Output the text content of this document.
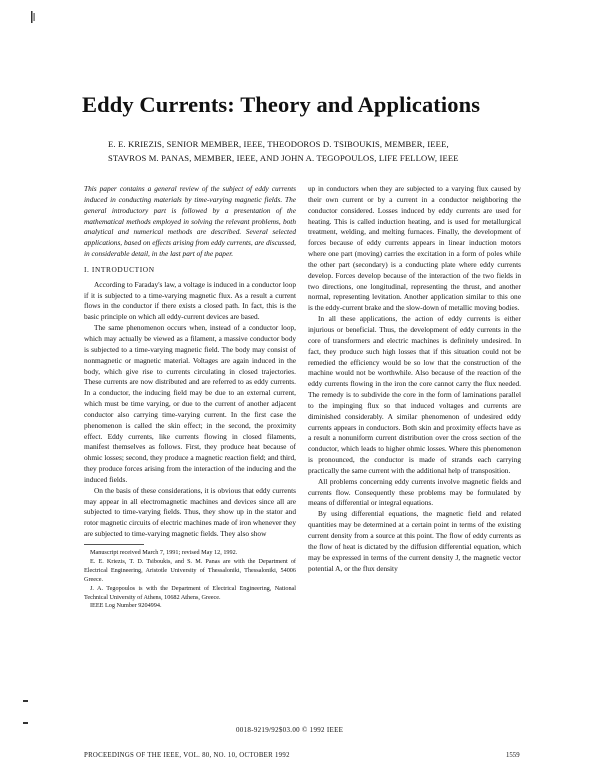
Eddy Currents: Theory and Applications
E. E. KRIEZIS, SENIOR MEMBER, IEEE, THEODOROS D. TSIBOUKIS, MEMBER, IEEE,
STAVROS M. PANAS, MEMBER, IEEE, AND JOHN A. TEGOPOULOS, LIFE FELLOW, IEEE

This paper contains a general review of the subject of eddy currents induced in conducting materials by time-varying magnetic fields. The general introductory part is followed by a presentation of the mathematical methods employed in solving the relevant problems, both analytical and numerical methods are described. Several selected applications, based on effects arising from eddy currents, are discussed, in considerable detail, in the last part of the paper.

I. INTRODUCTION

According to Faraday's law, a voltage is induced in a conductor loop if it is subjected to a time-varying magnetic flux. As a result a current flows in the conductor if there exists a closed path. In fact, this is the basic principle on which all eddy-current devices are based.

The same phenomenon occurs when, instead of a conductor loop, which may actually be viewed as a filament, a massive conductor body is subjected to a time-varying magnetic field. The body may consist of nonmagnetic or magnetic material. Voltages are again induced in the body, which give rise to currents circulating in closed trajectories. These currents are now distributed and are referred to as eddy currents. In a conductor, the inducing field may be due to an external current, which must be time varying, or due to the current of another adjacent conductor also carrying time-varying current. In the first case the phenomenon is called the skin effect; in the second, the proximity effect. Eddy currents, like currents flowing in closed filaments, manifest themselves as follows. First, they produce heat because of ohmic losses; second, they produce a magnetic reaction field; and third, they produce forces arising from the interaction of the inducing and the induced fields.

On the basis of these considerations, it is obvious that eddy currents may appear in all electromagnetic machines and devices since all are subjected to time-varying fields. Thus, they show up in the stator and rotor magnetic circuits of electric machines made of iron whenever they are subjected to time-varying magnetic fields. They also show

Manuscript received March 7, 1991; revised May 12, 1992.
E. E. Kriezis, T. D. Tsiboukis, and S. M. Panas are with the Department of Electrical Engineering, Aristotle University of Thessaloniki, Thessaloniki, 54006 Greece.
J. A. Tegopoulos is with the Department of Electrical Engineering, National Technical University of Athens, 10682 Athens, Greece.
IEEE Log Number 9204994.

up in conductors when they are subjected to a varying flux caused by their own current or by a current in a conductor neighboring the conductor considered. Losses induced by eddy currents are used for heating. This is called induction heating, and is used for metallurgical treatment, welding, and melting furnaces. Finally, the development of forces because of eddy currents appears in linear induction motors where one part (moving) carries the excitation in a form of poles while the other part (secondary) is a conducting plate where eddy currents develop. Forces develop because of the interaction of the two fields in two directions, one longitudinal, representing the thrust, and another normal, representing levitation. Another application similar to this one is the eddy-current brake and the slow-down of metallic moving bodies.

In all these applications, the action of eddy currents is either injurious or beneficial. Thus, the development of eddy currents in the core of transformers and electric machines is definitely undesired. In fact, they produce such high losses that if this situation could not be remedied the efficiency would be so low that the construction of the machine would not be worthwhile. Also because of the reaction of the eddy currents flowing in the iron the core cannot carry the flux needed. The remedy is to subdivide the core in the form of laminations parallel to the impinging flux so that induced voltages and currents are diminished considerably. A similar phenomenon of undesired eddy currents appears in conductors. Both skin and proximity effects have as a result a nonuniform current distribution over the cross section of the conductor, which leads to higher ohmic losses. Where this phenomenon is pronounced, the conductor is made of strands each carrying practically the same current with the additional help of transposition.

All problems concerning eddy currents involve magnetic fields and currents flow. Consequently these problems may be formulated by means of differential or integral equations.

By using differential equations, the magnetic field and related quantities may be determined at a certain point in terms of the existing current density from a source at this point. The flow of eddy currents as the flow of heat is dictated by the diffusion differential equation, which may be expressed in terms of the current density J, the magnetic vector potential A, or the flux density

0018-9219/92$03.00 © 1992 IEEE
PROCEEDINGS OF THE IEEE, VOL. 80, NO. 10, OCTOBER 1992	1559
